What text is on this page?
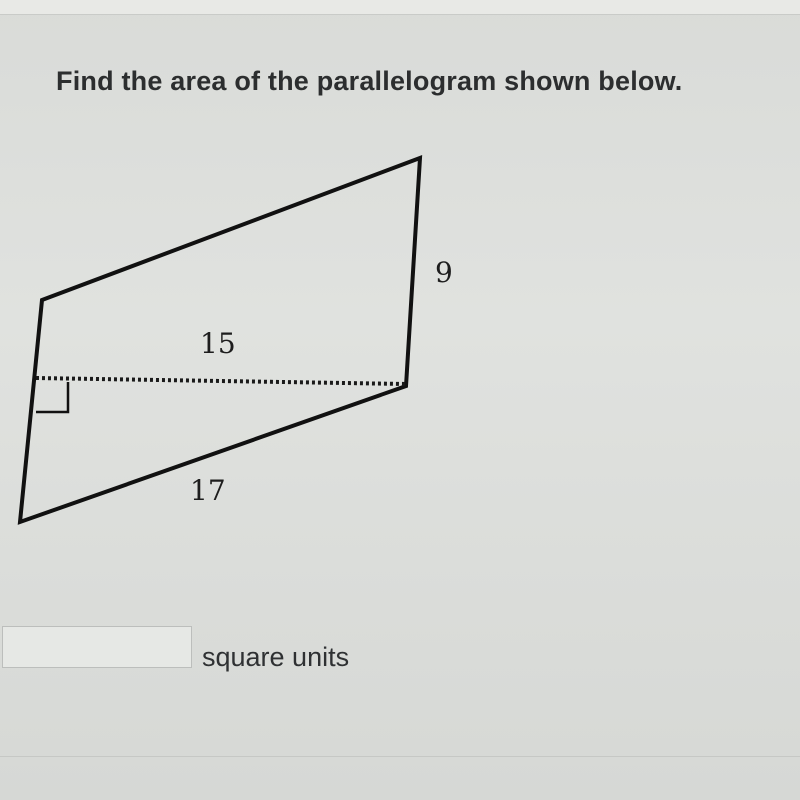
Find the area of the parallelogram shown below.
9
15
17
square units
